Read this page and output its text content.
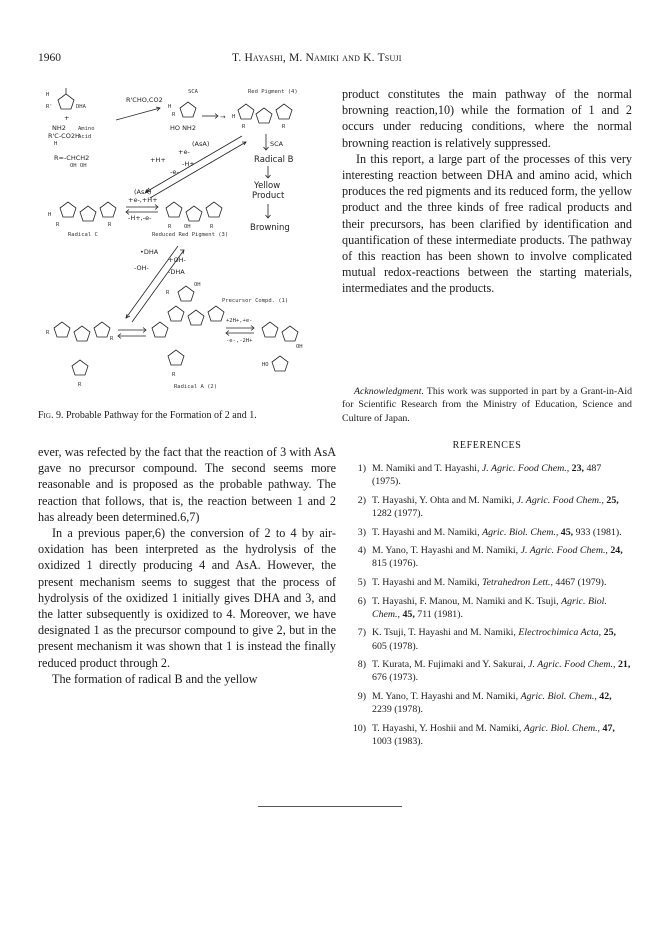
1960	T. Hayashi, M. Namiki and K. Tsuji
H
R'	DHA
+
NH2 Amino
R'C-CO2H
Acid
H
R=-CHCH2
OH OH
R'CHO,CO2
SCA
H
R
HO NH2
→
Red Pigment (4)
H
R	R
(AsA)
+e-
+H+ -H+
-e-
SCA
Radical B
Yellow
Product
Browning
H
R	R
Radical C
(AsA)
+e-,+H+
-H+,-e-
R OH	R
Reduced Red Pigment (3)
•DHA
-OH-
+OH-
-DHA
R
OH
Precursor Compd. (1)
+2H+,+e-
-e-,-2H+
OH
HO
R
R
R
R
Radical A (2)
Fig. 9. Probable Pathway for the Formation of 2 and 1.

product constitutes the main pathway of the normal browning reaction,10) while the formation of 1 and 2 occurs under reducing conditions, where the normal browning reaction is relatively suppressed.

In this report, a large part of the processes of this very interesting reaction between DHA and amino acid, which produces the red pigments and its reduced form, the yellow product and the three kinds of free radical products and their precursors, has been clarified by identification and quantification of these intermediate products. The pathway of this reaction has been shown to involve complicated mutual redox-reactions between the starting materials, intermediates and the products.

Acknowledgment. This work was supported in part by a Grant-in-Aid for Scientific Research from the Ministry of Education, Science and Culture of Japan.

ever, was refected by the fact that the reaction of 3 with AsA gave no precursor compound. The second seems more reasonable and is proposed as the probable pathway. The reaction that follows, that is, the reaction between 1 and 2 has already been determined.6,7)

In a previous paper,6) the conversion of 2 to 4 by air-oxidation has been interpreted as the hydrolysis of the oxidized 1 directly producing 4 and AsA. However, the present mechanism seems to suggest that the process of hydrolysis of the oxidized 1 initially gives DHA and 3, and the latter subsequently is oxidized to 4. Moreover, we have designated 1 as the precursor compound to give 2, but in the present mechanism it was shown that 1 is instead the finally reduced product through 2.

The formation of radical B and the yellow

REFERENCES
1) M. Namiki and T. Hayashi, J. Agric. Food Chem., 23, 487 (1975).
2) T. Hayashi, Y. Ohta and M. Namiki, J. Agric. Food Chem., 25, 1282 (1977).
3) T. Hayashi and M. Namiki, Agric. Biol. Chem., 45, 933 (1981).
4) M. Yano, T. Hayashi and M. Namiki, J. Agric. Food Chem., 24, 815 (1976).
5) T. Hayashi and M. Namiki, Tetrahedron Lett., 4467 (1979).
6) T. Hayashi, F. Manou, M. Namiki and K. Tsuji, Agric. Biol. Chem., 45, 711 (1981).
7) K. Tsuji, T. Hayashi and M. Namiki, Electrochimica Acta, 25, 605 (1978).
8) T. Kurata, M. Fujimaki and Y. Sakurai, J. Agric. Food Chem., 21, 676 (1973).
9) M. Yano, T. Hayashi and M. Namiki, Agric. Biol. Chem., 42, 2239 (1978).
10) T. Hayashi, Y. Hoshii and M. Namiki, Agric. Biol. Chem., 47, 1003 (1983).
